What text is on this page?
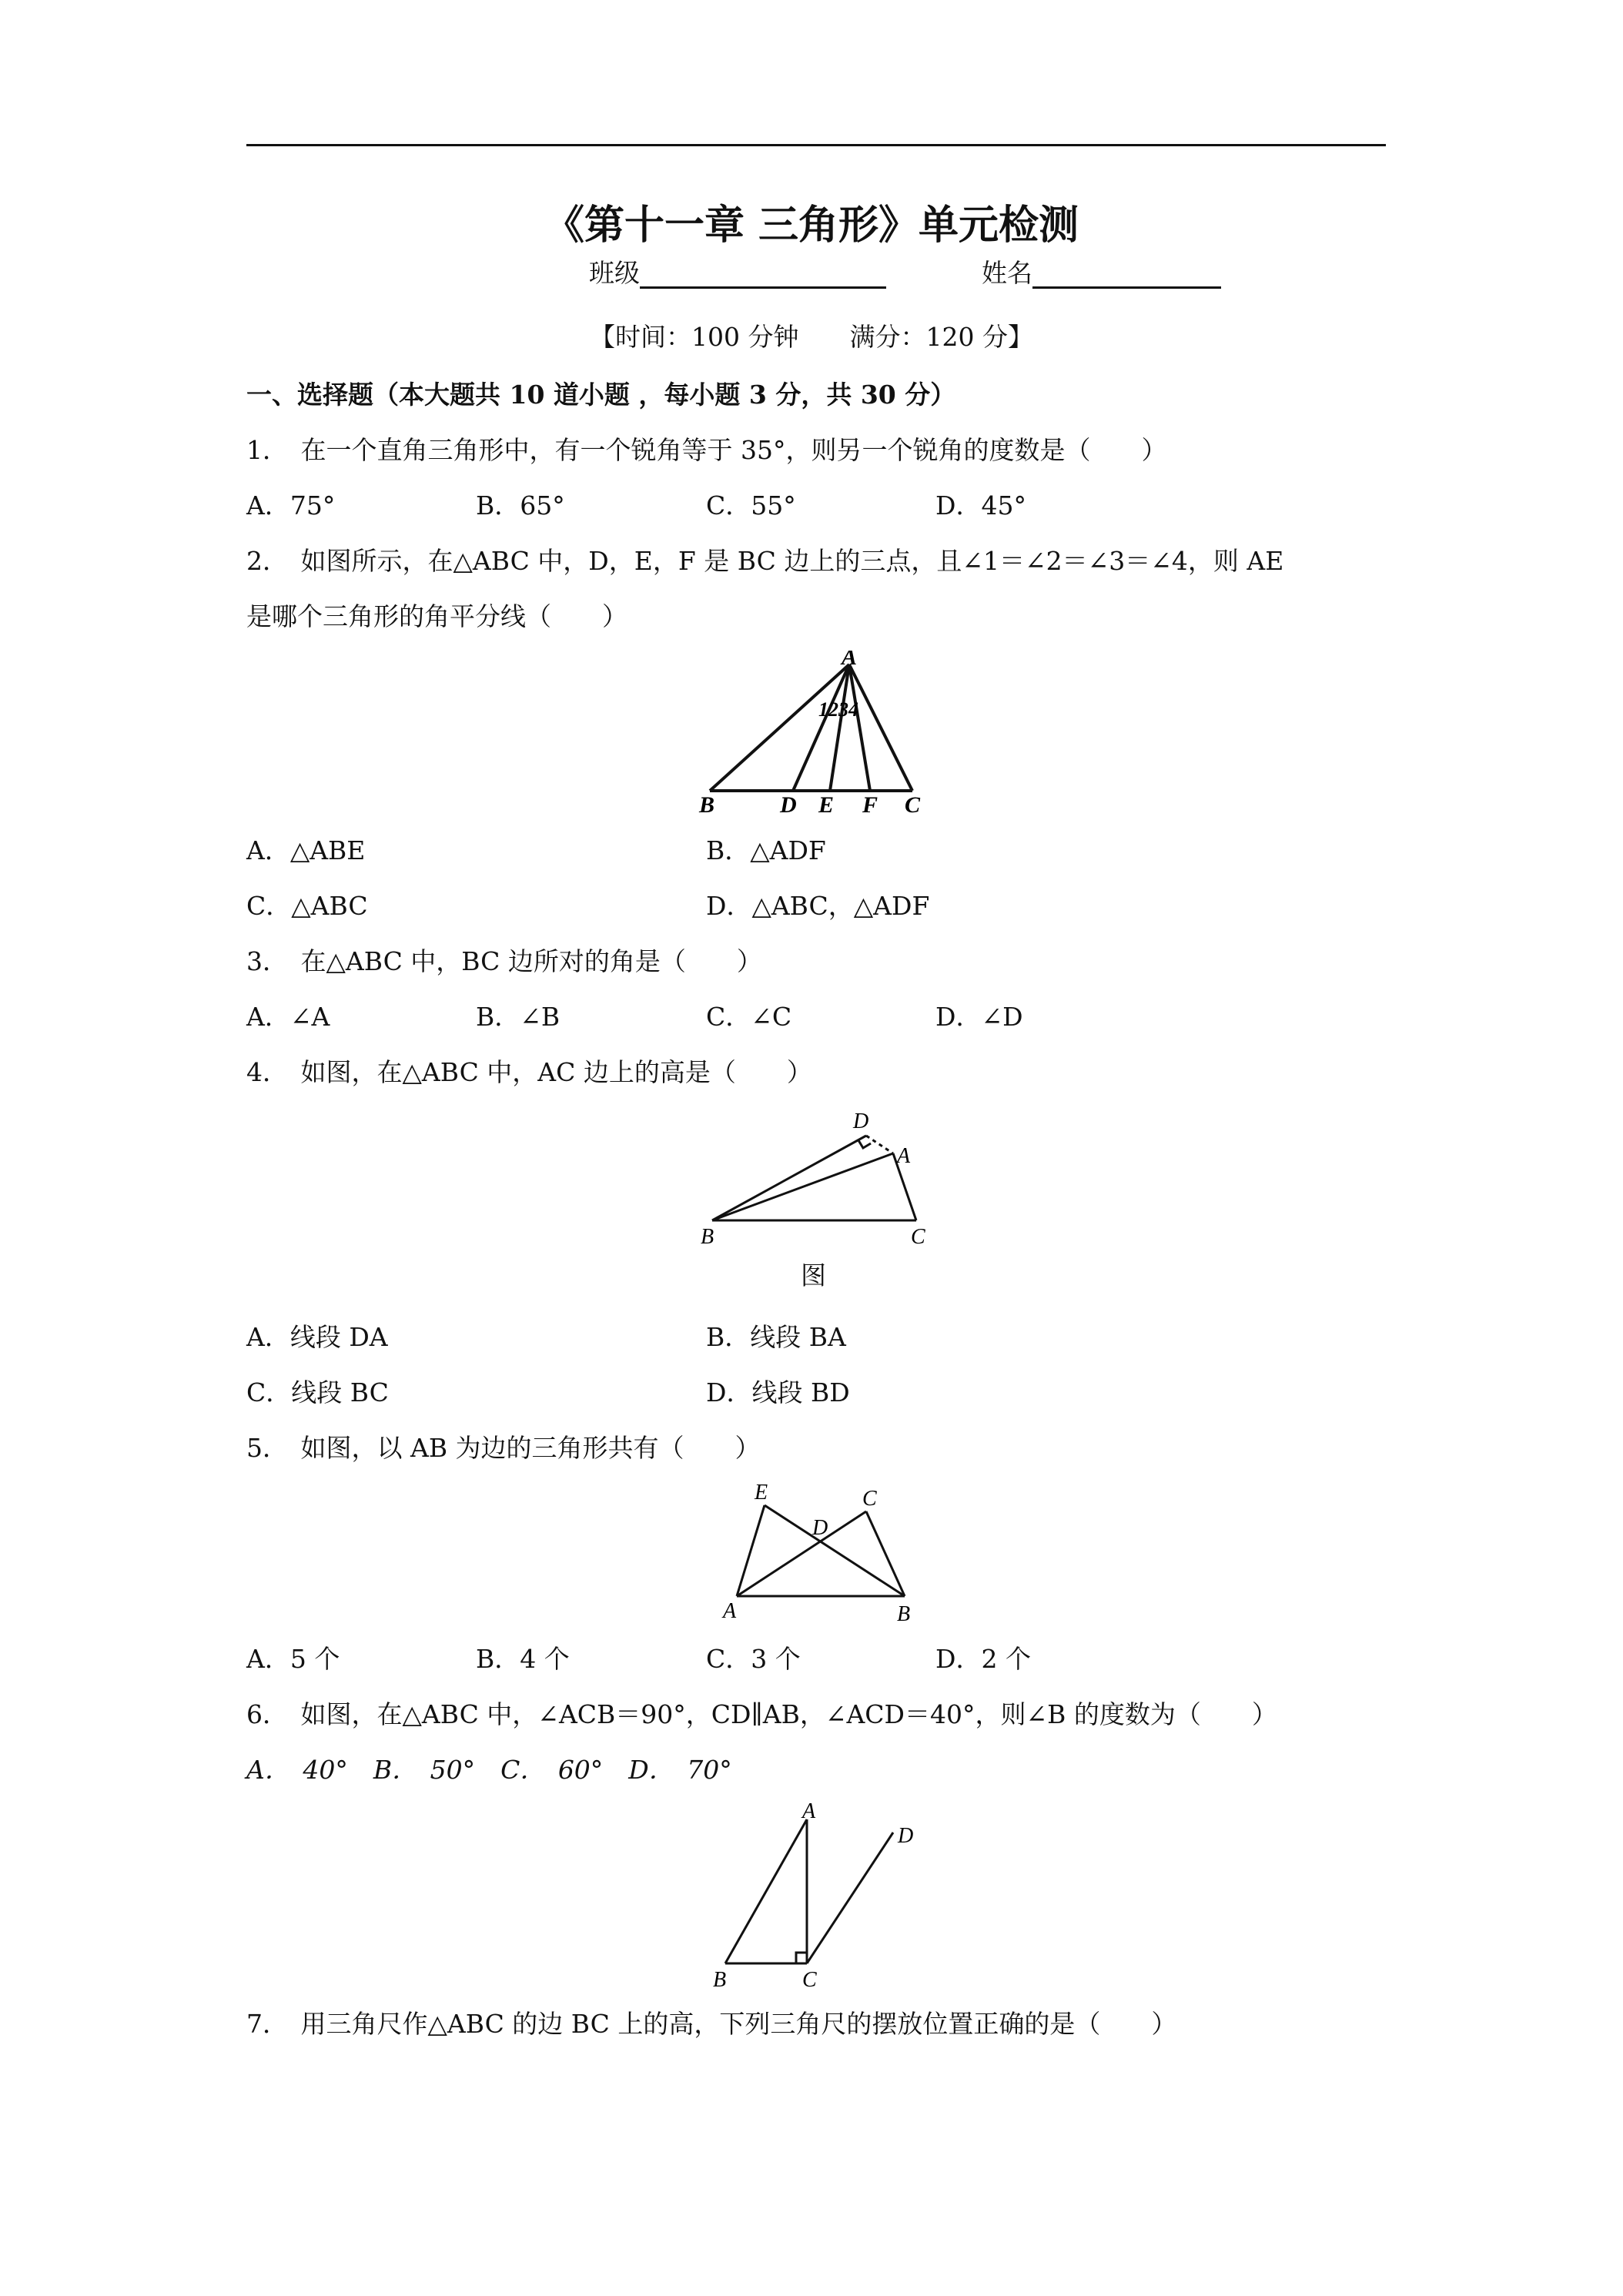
《第十一章 三角形》单元检测
班级	姓名
【时间：100 分钟　　满分：120 分】
一、选择题（本大题共 10 道小题 ，每小题 3 分，共 30 分）
1．　在一个直角三角形中，有一个锐角等于 35°，则另一个锐角的度数是（　　）
A．75°	B．65°	C．55°	D．45°
2．　如图所示，在△ABC 中，D，E，F 是 BC 边上的三点，且∠1＝∠2＝∠3＝∠4，则 AE
是哪个三角形的角平分线（　　）
A
1234
B	D E F C
A．△ABE	B．△ADF
C．△ABC	D．△ABC，△ADF
3．　在△ABC 中，BC 边所对的角是（　　）
A．∠A	B．∠B	C．∠C	D．∠D
4．　如图，在△ABC 中，AC 边上的高是（　　）
D
A
B	C
图
A．线段 DA	B．线段 BA
C．线段 BC	D．线段 BD
5．　如图，以 AB 为边的三角形共有（　　）
E	C
D
A	B
A．5 个	B．4 个	C．3 个	D．2 个
6．　如图，在△ABC 中，∠ACB＝90°，CD∥AB，∠ACD＝40°，则∠B 的度数为（　　）
A．　40°　B．　50°　C．　60°　D．　70°
A
D
B	C
7．　用三角尺作△ABC 的边 BC 上的高，下列三角尺的摆放位置正确的是（　　）
